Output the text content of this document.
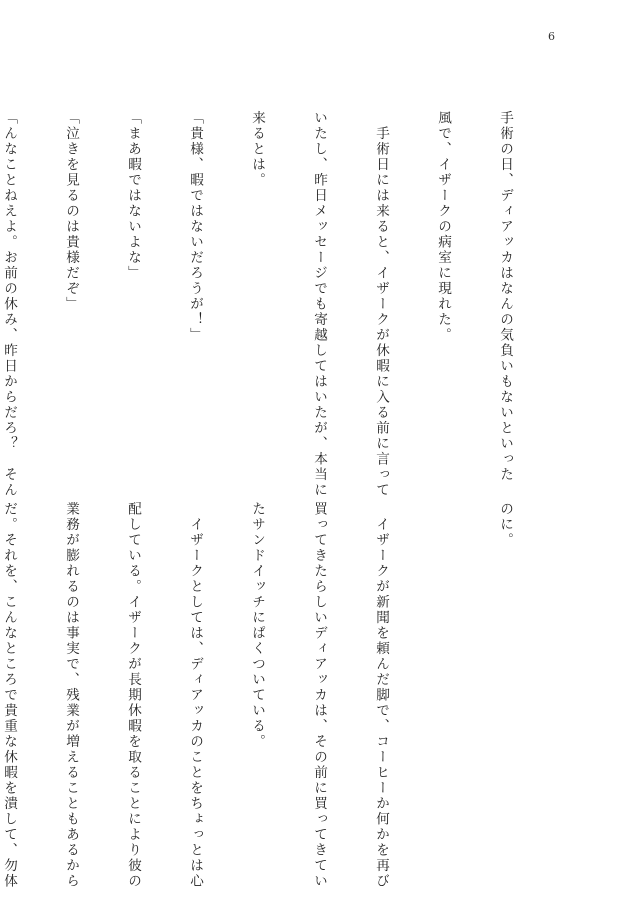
6

手術の日、ディアッカはなんの気負いもないといった

風で、イザークの病室に現れた。

　手術日には来ると、イザークが休暇に入る前に言って

いたし、昨日メッセージでも寄越してはいたが、本当に

来るとは。

「貴様、暇ではないだろうが！」

「まあ暇ではないよな」

「泣きを見るのは貴様だぞ」

「んなことねえよ。お前の休み、昨日からだろ？　そん

のに。

　イザークが新聞を頼んだ脚で、コーヒーか何かを再び

買ってきたらしいディアッカは、その前に買ってきてい

たサンドイッチにぱくついている。

　イザークとしては、ディアッカのことをちょっとは心

配している。イザークが長期休暇を取ることにより彼の

業務が膨れるのは事実で、残業が増えることもあるから

だ。それを、こんなところで貴重な休暇を潰して、勿体
